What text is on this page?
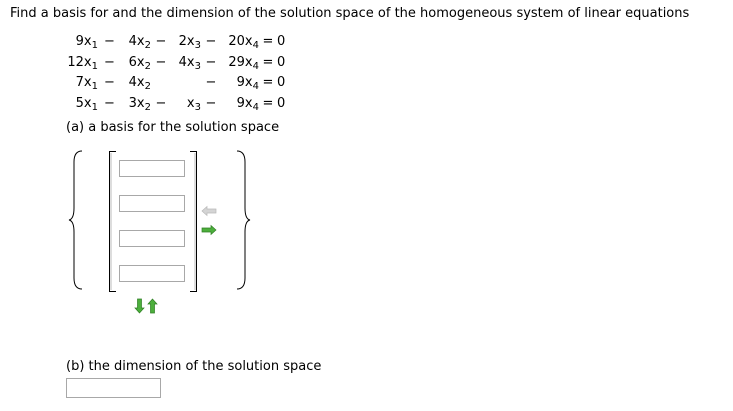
Find a basis for and the dimension of the solution space of the homogeneous system of linear equations
$9x_1$	−	$4x_2$	−	$2x_3$	−	$20x_4$	=	0
$12x_1$	−	$6x_2$	−	$4x_3$	−	$29x_4$	=	0
$7x_1$	−	$4x_2$			−	$9x_4$	=	0
$5x_1$	−	$3x_2$	−	$x_3$	−	$9x_4$	=	0
(a) a basis for the solution space
(b) the dimension of the solution space
